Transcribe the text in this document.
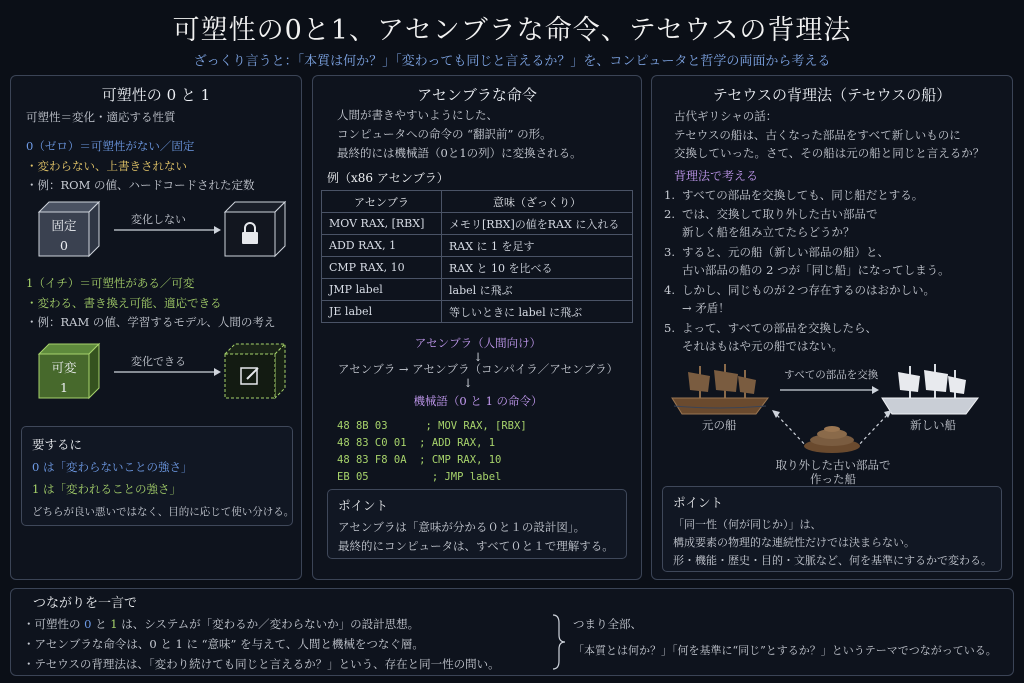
可塑性の0と1、アセンブラな命令、テセウスの背理法
ざっくり言うと：「本質は何か？」「変わっても同じと言えるか？」を、コンピュータと哲学の両面から考える
可塑性の 0 と 1
可塑性＝変化・適応する性質
0（ゼロ）＝可塑性がない／固定
・変わらない、上書きされない
・例：ROM の値、ハードコードされた定数
固定
0
変化しない
1（イチ）＝可塑性がある／可変
・変わる、書き換え可能、適応できる
・例：RAM の値、学習するモデル、人間の考え
可変
1
変化できる
要するに
0 は「変わらないことの強さ」
1 は「変われることの強さ」
どちらが良い悪いではなく、目的に応じて使い分ける。
アセンブラな命令
人間が書きやすいようにした、
コンピュータへの命令の “翻訳前” の形。
最終的には機械語（0と1の列）に変換される。
例（x86 アセンブラ）
アセンブラ	意味（ざっくり）
MOV RAX, [RBX]	メモリ[RBX]の値をRAX に入れる
ADD RAX, 1	RAX に 1 を足す
CMP RAX, 10	RAX と 10 を比べる
JMP label	label に飛ぶ
JE label	等しいときに label に飛ぶ
アセンブラ（人間向け）
↓
アセンブラ → アセンブラ（コンパイラ／アセンブラ）
↓
機械語（0 と 1 の命令）
48 8B 03      ; MOV RAX, [RBX]
48 83 C0 01  ; ADD RAX, 1
48 83 F8 0A  ; CMP RAX, 10
EB 05          ; JMP label
ポイント
アセンブラは「意味が分かる０と１の設計図」。
最終的にコンピュータは、すべて０と１で理解する。
テセウスの背理法（テセウスの船）
古代ギリシャの話：
テセウスの船は、古くなった部品をすべて新しいものに
交換していった。さて、その船は元の船と同じと言えるか？
背理法で考える
1. すべての部品を交換しても、同じ船だとする。
2. では、交換して取り外した古い部品で
新しく船を組み立てたらどうか？
3. すると、元の船（新しい部品の船）と、
古い部品の船の 2 つが「同じ船」になってしまう。
4. しかし、同じものが２つ存在するのはおかしい。
→ 矛盾！
5. よって、すべての部品を交換したら、
それはもはや元の船ではない。
元の船
すべての部品を交換
新しい船
取り外した古い部品で
作った船
ポイント
「同一性（何が同じか）」は、
構成要素の物理的な連続性だけでは決まらない。
形・機能・歴史・目的・文脈など、何を基準にするかで変わる。
つながりを一言で
・可塑性の 0 と 1 は、システムが「変わるか／変わらないか」の設計思想。
・アセンブラな命令は、0 と 1 に “意味” を与えて、人間と機械をつなぐ層。
・テセウスの背理法は、「変わり続けても同じと言えるか？」という、存在と同一性の問い。
つまり全部、
「本質とは何か？」「何を基準に“同じ”とするか？」というテーマでつながっている。
